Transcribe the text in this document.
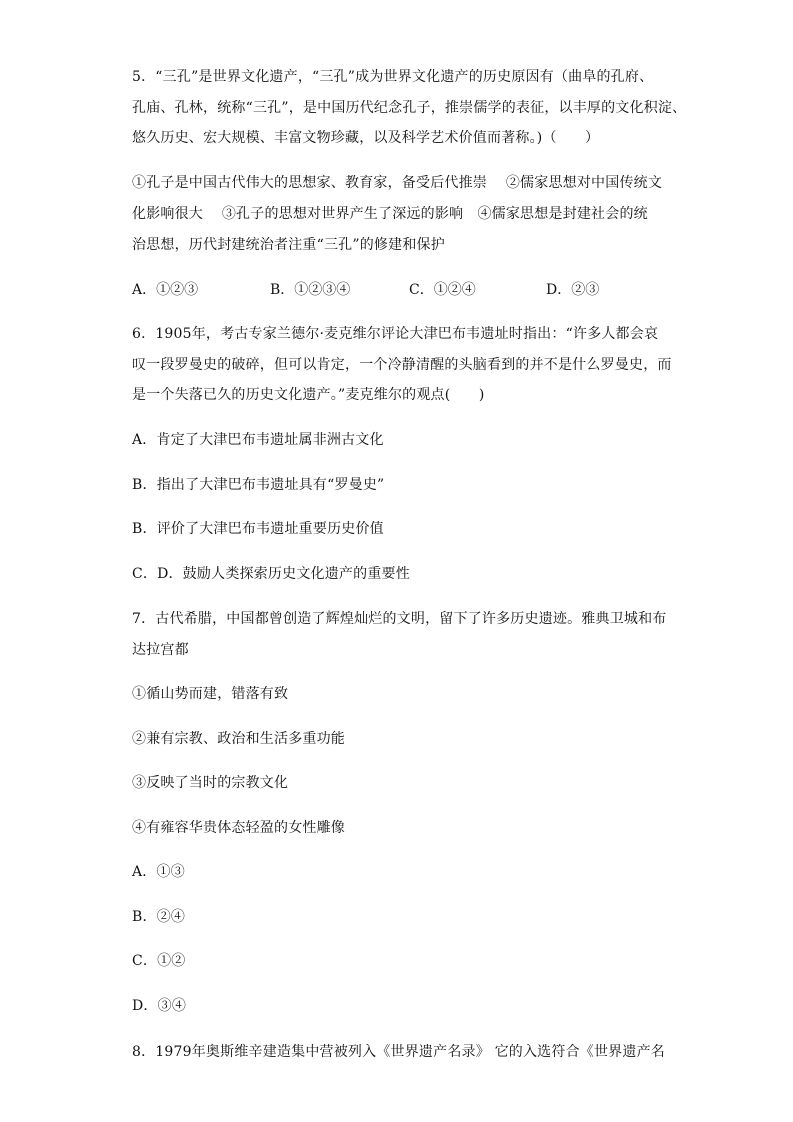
5．“三孔”是世界文化遗产，“三孔”成为世界文化遗产的历史原因有（曲阜的孔府、
孔庙、孔林，统称“三孔”，是中国历代纪念孔子，推崇儒学的表征，以丰厚的文化积淀、
悠久历史、宏大规模、丰富文物珍藏，以及科学艺术价值而著称。)（　　）
①孔子是中国古代伟大的思想家、教育家，备受后代推崇　 ②儒家思想对中国传统文
化影响很大　 ③孔子的思想对世界产生了深远的影响　④儒家思想是封建社会的统
治思想，历代封建统治者注重“三孔”的修建和保护
A．①②③	B．①②③④	C．①②④	D．②③
6．1905年，考古专家兰德尔·麦克维尔评论大津巴布韦遗址时指出：“许多人都会哀
叹一段罗曼史的破碎，但可以肯定，一个冷静清醒的头脑看到的并不是什么罗曼史，而
是一个失落已久的历史文化遗产。”麦克维尔的观点(　　)
A．肯定了大津巴布韦遗址属非洲古文化
B．指出了大津巴布韦遗址具有“罗曼史”
B．评价了大津巴布韦遗址重要历史价值
C．D．鼓励人类探索历史文化遗产的重要性
7．古代希腊，中国都曾创造了辉煌灿烂的文明，留下了许多历史遗迹。雅典卫城和布
达拉宫都
①循山势而建，错落有致
②兼有宗教、政治和生活多重功能
③反映了当时的宗教文化
④有雍容华贵体态轻盈的女性雕像
A．①③
B．②④
C．①②
D．③④
8．1979年奥斯维辛建造集中营被列入《世界遗产名录》 它的入选符合《世界遗产名
